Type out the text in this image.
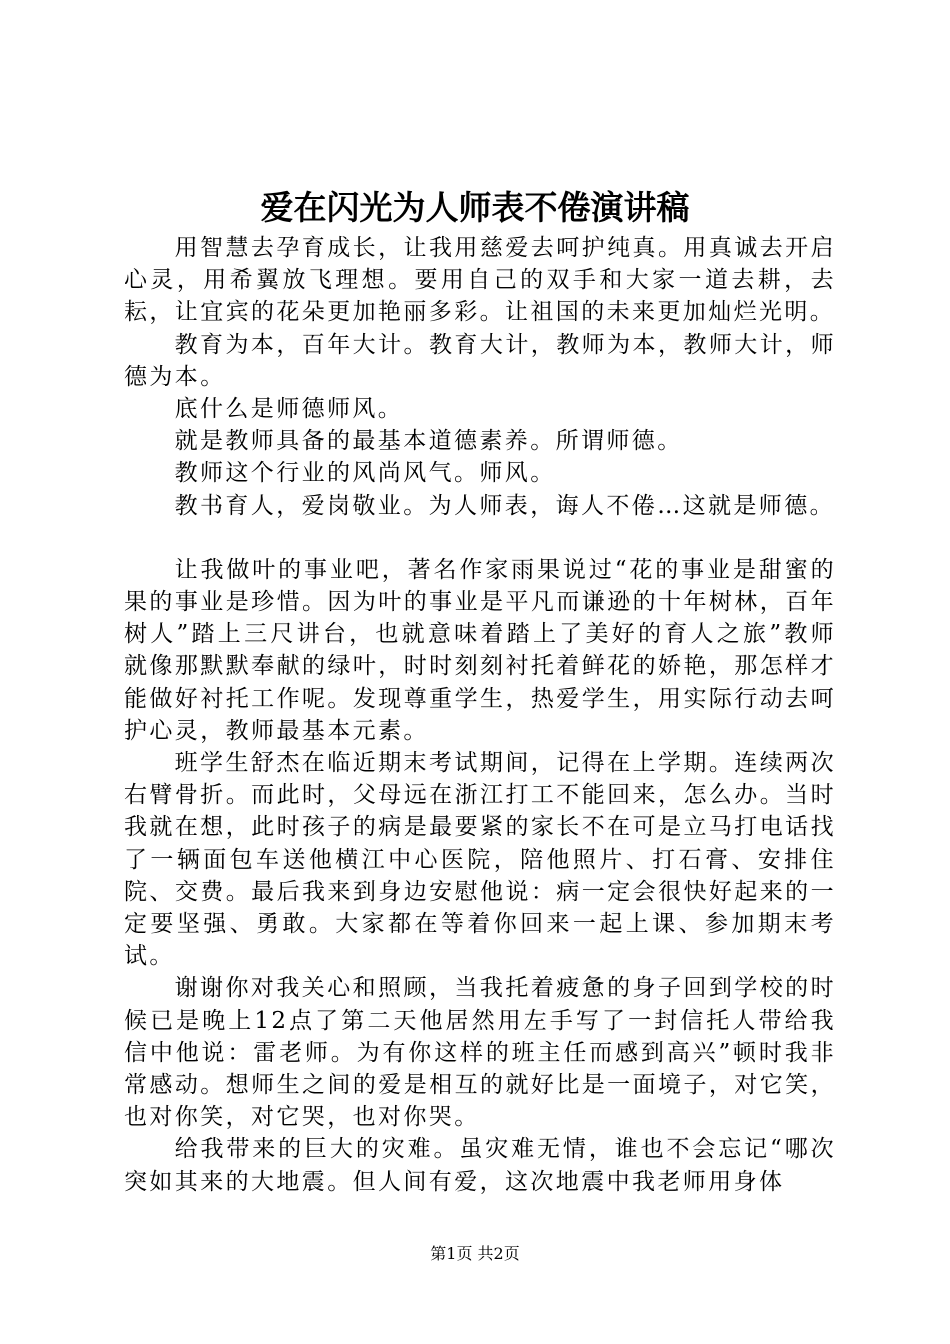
爱在闪光为人师表不倦演讲稿

用智慧去孕育成长，让我用慈爱去呵护纯真。用真诚去开启心灵，用希翼放飞理想。要用自己的双手和大家一道去耕，去耘，让宜宾的花朵更加艳丽多彩。让祖国的未来更加灿烂光明。

教育为本，百年大计。教育大计，教师为本，教师大计，师德为本。

底什么是师德师风。

就是教师具备的最基本道德素养。所谓师德。

教师这个行业的风尚风气。师风。

教书育人，爱岗敬业。为人师表，诲人不倦…这就是师德。

让我做叶的事业吧，著名作家雨果说过“花的事业是甜蜜的果的事业是珍惜。因为叶的事业是平凡而谦逊的十年树林，百年树人”踏上三尺讲台，也就意味着踏上了美好的育人之旅”教师就像那默默奉献的绿叶，时时刻刻衬托着鲜花的娇艳，那怎样才能做好衬托工作呢。发现尊重学生，热爱学生，用实际行动去呵护心灵，教师最基本元素。

班学生舒杰在临近期末考试期间，记得在上学期。连续两次右臂骨折。而此时，父母远在浙江打工不能回来，怎么办。当时我就在想，此时孩子的病是最要紧的家长不在可是立马打电话找了一辆面包车送他横江中心医院，陪他照片、打石膏、安排住院、交费。最后我来到身边安慰他说：病一定会很快好起来的一定要坚强、勇敢。大家都在等着你回来一起上课、参加期末考试。

谢谢你对我关心和照顾，当我托着疲惫的身子回到学校的时候已是晚上12点了第二天他居然用左手写了一封信托人带给我信中他说：雷老师。为有你这样的班主任而感到高兴”顿时我非常感动。想师生之间的爱是相互的就好比是一面境子，对它笑，也对你笑，对它哭，也对你哭。

给我带来的巨大的灾难。虽灾难无情，谁也不会忘记“哪次突如其来的大地震。但人间有爱，这次地震中我老师用身体

第1页 共2页
